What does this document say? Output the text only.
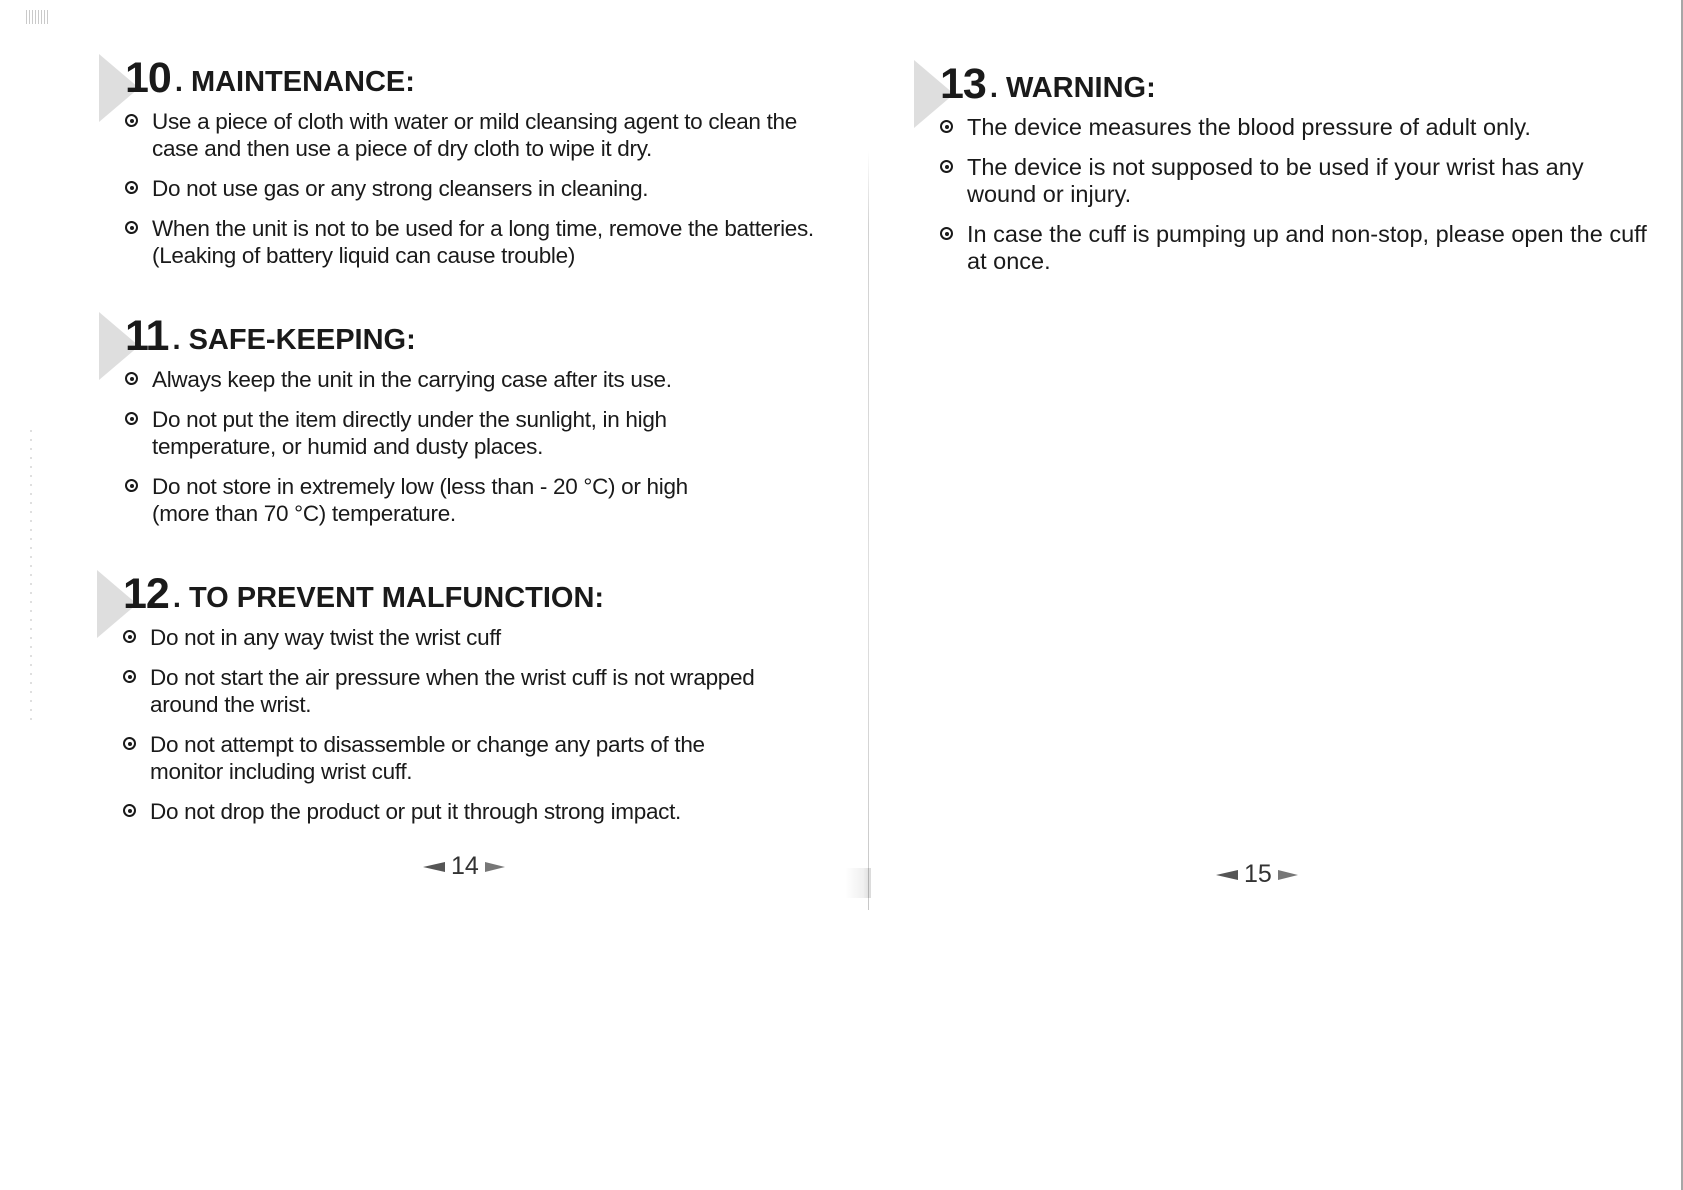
10 . MAINTENANCE:
Use a piece of cloth with water or mild cleansing agent to clean the case and then use a piece of dry cloth to wipe it dry.
Do not use gas or any strong cleansers in cleaning.
When the unit is not to be used for a long time, remove the batteries. (Leaking of battery liquid can cause trouble)
11 . SAFE-KEEPING:
Always keep the unit in the carrying case after its use.
Do not put the item directly under the sunlight, in high temperature, or humid and dusty places.
Do not store in extremely low (less than - 20 °C) or high (more than 70 °C) temperature.
12 . TO PREVENT MALFUNCTION:
Do not in any way twist the wrist cuff
Do not start the air pressure when the wrist cuff is not wrapped around the wrist.
Do not attempt to disassemble or change any parts of the monitor including wrist cuff.
Do not drop the product or put it through strong impact.
14
13 . WARNING:
The device measures the blood pressure of adult only.
The device is not supposed to be used if your wrist has any wound or injury.
In case the cuff is pumping up and non-stop, please open the cuff at once.
15
